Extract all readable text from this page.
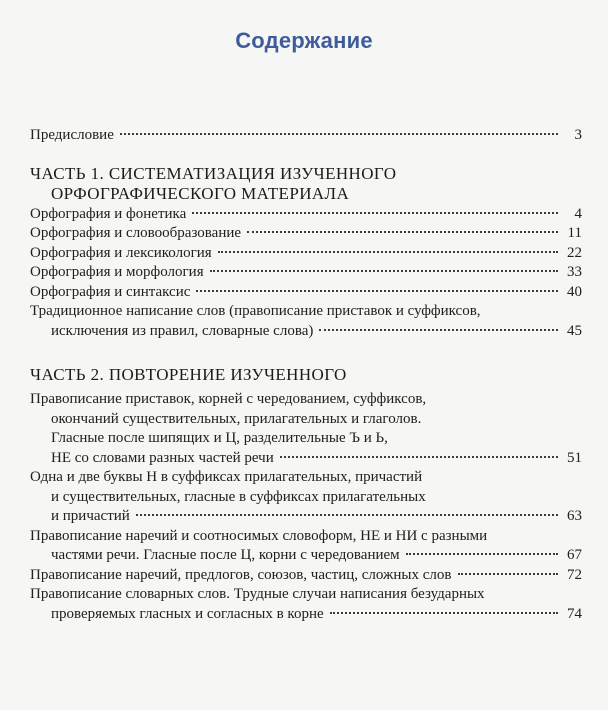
Содержание
Предисловие	3
ЧАСТЬ 1. СИСТЕМАТИЗАЦИЯ ИЗУЧЕННОГО
ОРФОГРАФИЧЕСКОГО МАТЕРИАЛА
Орфография и фонетика	4
Орфография и словообразование	11
Орфография и лексикология	22
Орфография и морфология	33
Орфография и синтаксис	40
Традиционное написание слов (правописание приставок и суффиксов,
исключения из правил, словарные слова)	45
ЧАСТЬ 2. ПОВТОРЕНИЕ ИЗУЧЕННОГО
Правописание приставок, корней с чередованием, суффиксов,
окончаний существительных, прилагательных и глаголов.
Гласные после шипящих и Ц, разделительные Ъ и Ь,
НЕ со словами разных частей речи	51
Одна и две буквы Н в суффиксах прилагательных, причастий
и существительных, гласные в суффиксах прилагательных
и причастий	63
Правописание наречий и соотносимых словоформ, НЕ и НИ с разными
частями речи. Гласные после Ц, корни с чередованием	67
Правописание наречий, предлогов, союзов, частиц, сложных слов	72
Правописание словарных слов. Трудные случаи написания безударных
проверяемых гласных и согласных в корне	74
